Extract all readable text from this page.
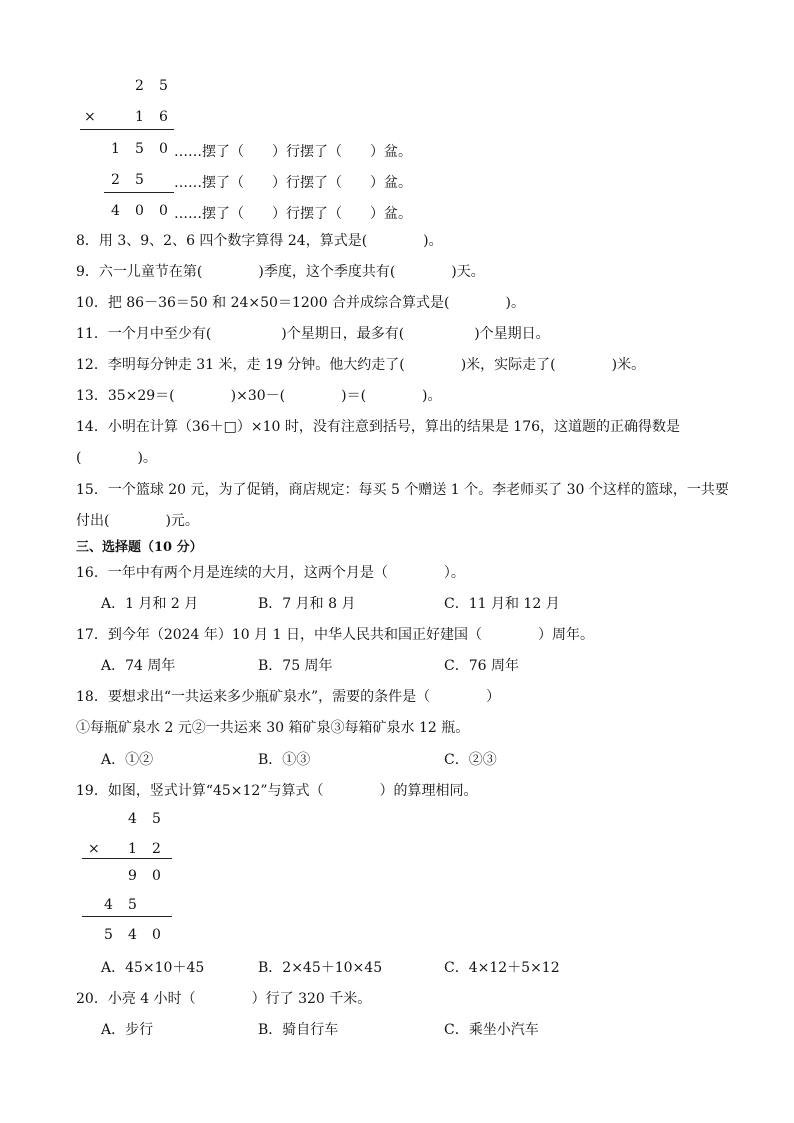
2 5
×	1 6
1 5 0 ……摆了（　　）行摆了（　　）盆。
2 5 ……摆了（　　）行摆了（　　）盆。
4 0 0 ……摆了（　　）行摆了（　　）盆。
8．用 3、9、2、6 四个数字算得 24，算式是(　　　　)。
9．六一儿童节在第(　　　　)季度，这个季度共有(　　　　)天。
10．把 86－36＝50 和 24×50＝1200 合并成综合算式是(　　　　)。
11．一个月中至少有(　　　　　)个星期日，最多有(　　　　　)个星期日。
12．李明每分钟走 31 米，走 19 分钟。他大约走了(　　　　)米，实际走了(　　　　)米。
13．35×29＝(　　　　)×30－(　　　　)＝(　　　　)。
14．小明在计算（36＋□）×10 时，没有注意到括号，算出的结果是 176，这道题的正确得数是
(　　　　)。
15．一个篮球 20 元，为了促销，商店规定：每买 5 个赠送 1 个。李老师买了 30 个这样的篮球，一共要
付出(　　　　)元。
三、选择题（10 分）
16．一年中有两个月是连续的大月，这两个月是（　　　　）。
A．1 月和 2 月	B．7 月和 8 月	C．11 月和 12 月
17．到今年（2024 年）10 月 1 日，中华人民共和国正好建国（　　　　）周年。
A．74 周年	B．75 周年	C．76 周年
18．要想求出“一共运来多少瓶矿泉水”，需要的条件是（　　　　）
①每瓶矿泉水 2 元②一共运来 30 箱矿泉③每箱矿泉水 12 瓶。
A．①②	B．①③	C．②③
19．如图，竖式计算“45×12”与算式（　　　　）的算理相同。
4 5
× 1 2
9 0
4 5
5 4 0
A．45×10＋45	B．2×45＋10×45	C．4×12＋5×12
20．小亮 4 小时（　　　　）行了 320 千米。
A．步行	B．骑自行车	C．乘坐小汽车
